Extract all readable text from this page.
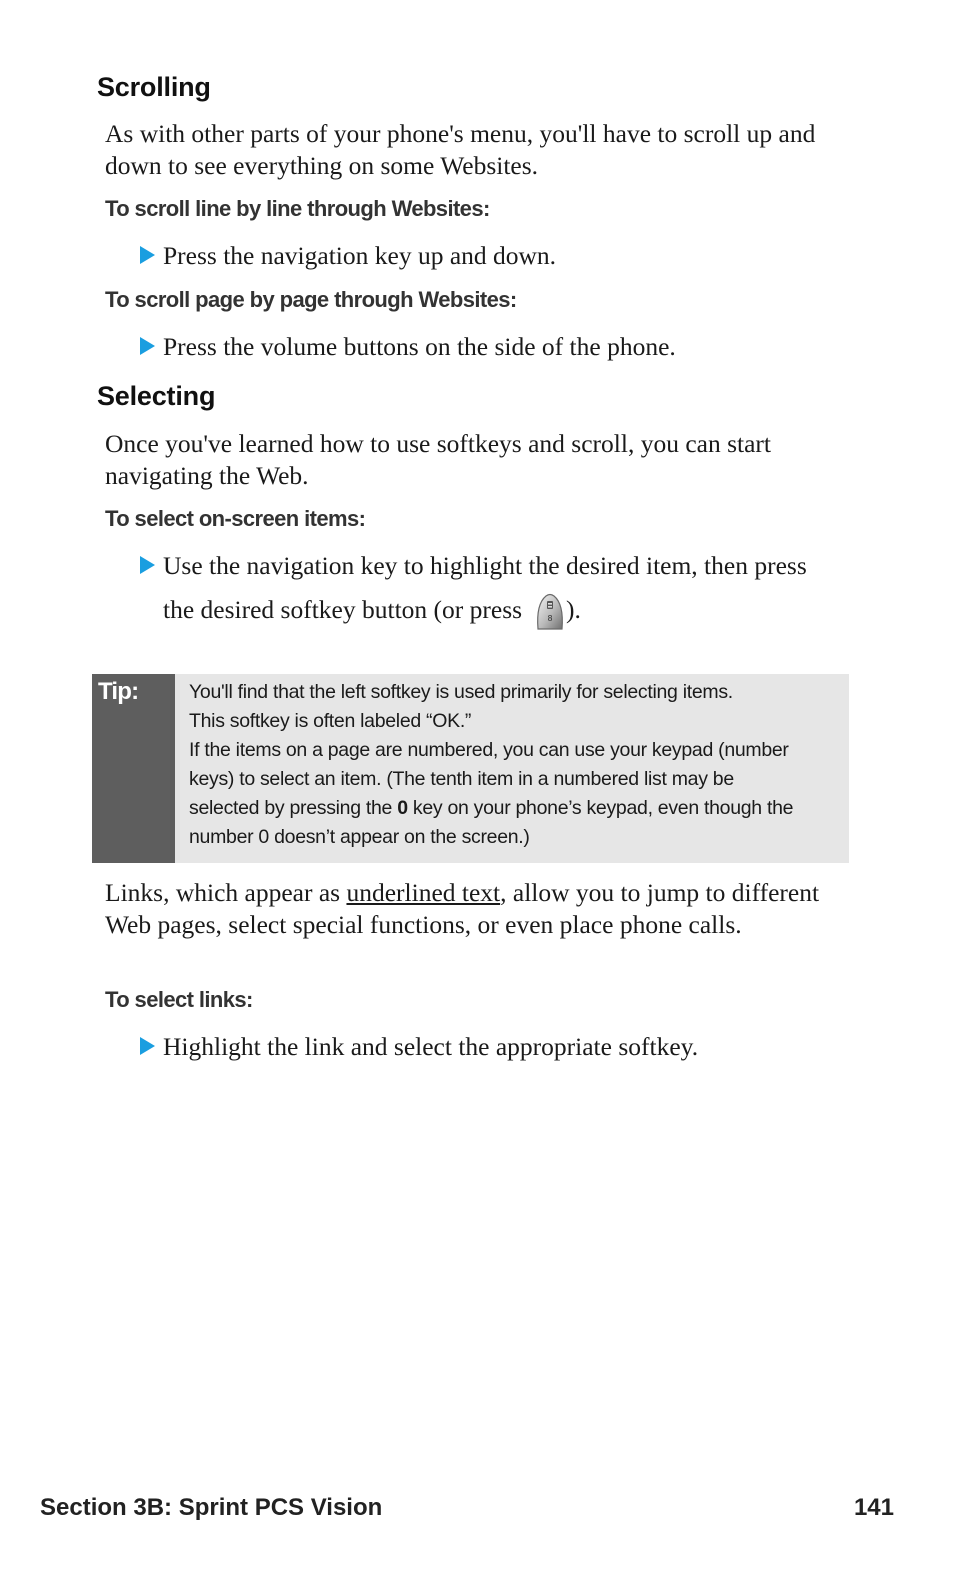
Scrolling

As with other parts of your phone's menu, you'll have to scroll up and down to see everything on some Websites.

To scroll line by line through Websites:

Press the navigation key up and down.

To scroll page by page through Websites:

Press the volume buttons on the side of the phone.
Selecting

Once you've learned how to use softkeys and scroll, you can start navigating the Web.

To select on-screen items:

Use the navigation key to highlight the desired item, then press
the desired softkey button (or press	8 ).
Tip:	You'll find that the left softkey is used primarily for selecting items.

This softkey is often labeled “OK.”

If the items on a page are numbered, you can use your keypad (number

keys) to select an item. (The tenth item in a numbered list may be

selected by pressing the 0 key on your phone’s keypad, even though the

number 0 doesn’t appear on the screen.)

Links, which appear as underlined text, allow you to jump to different Web pages, select special functions, or even place phone calls.

To select links:

Highlight the link and select the appropriate softkey.
Section 3B: Sprint PCS Vision	141
